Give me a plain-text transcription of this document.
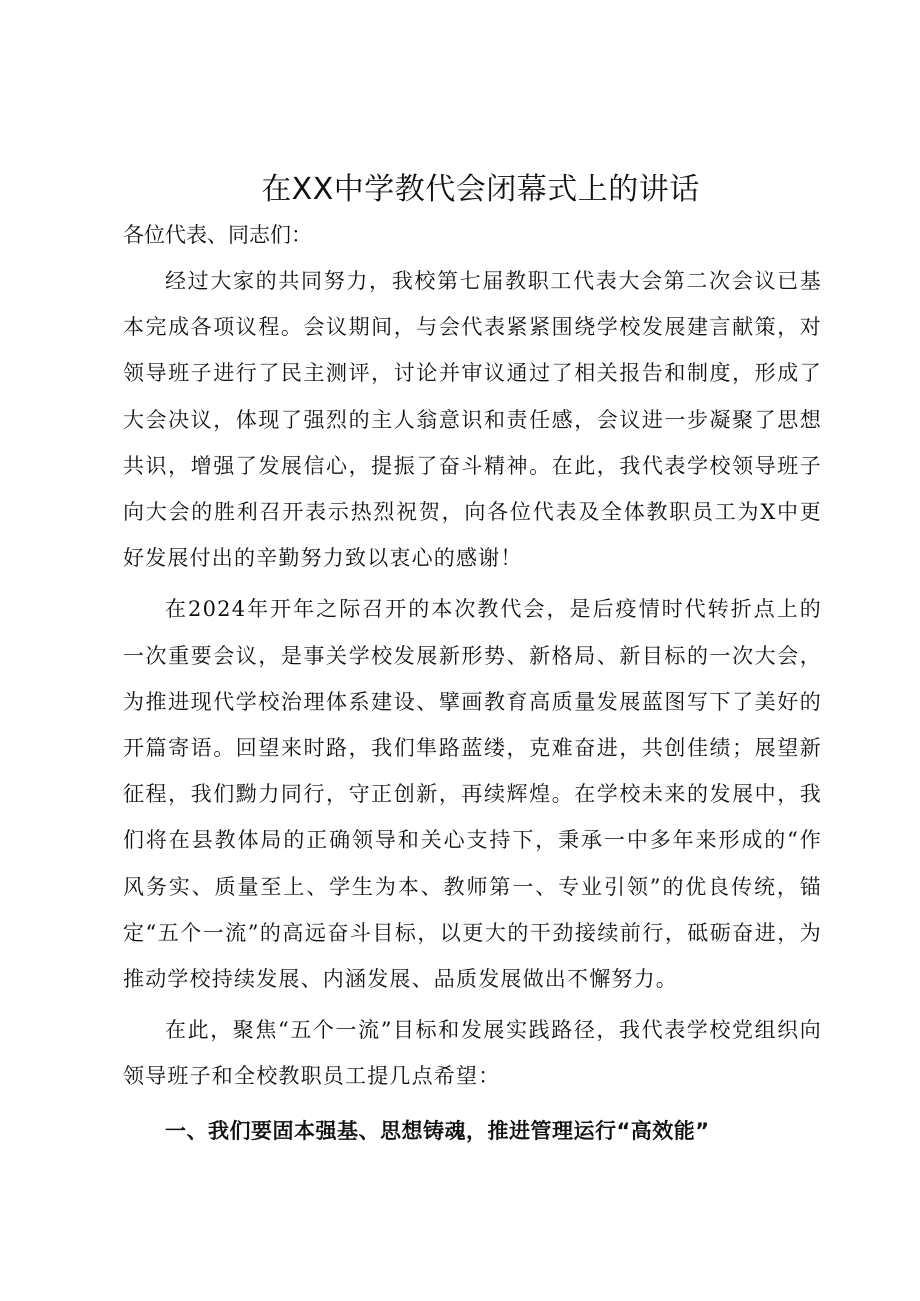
在XX中学教代会闭幕式上的讲话

各位代表、同志们：

经过大家的共同努力，我校第七届教职工代表大会第二次会议已基本完成各项议程。会议期间，与会代表紧紧围绕学校发展建言献策，对领导班子进行了民主测评，讨论并审议通过了相关报告和制度，形成了大会决议，体现了强烈的主人翁意识和责任感，会议进一步凝聚了思想共识，增强了发展信心，提振了奋斗精神。在此，我代表学校领导班子向大会的胜利召开表示热烈祝贺，向各位代表及全体教职员工为X中更好发展付出的辛勤努力致以衷心的感谢！

在2024年开年之际召开的本次教代会，是后疫情时代转折点上的一次重要会议，是事关学校发展新形势、新格局、新目标的一次大会，为推进现代学校治理体系建设、擘画教育高质量发展蓝图写下了美好的开篇寄语。回望来时路，我们隼路蓝缕，克难奋进，共创佳绩；展望新征程，我们黝力同行，守正创新，再续辉煌。在学校未来的发展中，我们将在县教体局的正确领导和关心支持下，秉承一中多年来形成的“作风务实、质量至上、学生为本、教师第一、专业引领”的优良传统，锚定“五个一流”的高远奋斗目标，以更大的干劲接续前行，砥砺奋进，为推动学校持续发展、内涵发展、品质发展做出不懈努力。

在此，聚焦“五个一流”目标和发展实践路径，我代表学校党组织向领导班子和全校教职员工提几点希望：

一、我们要固本强基、思想铸魂，推进管理运行“高效能”
